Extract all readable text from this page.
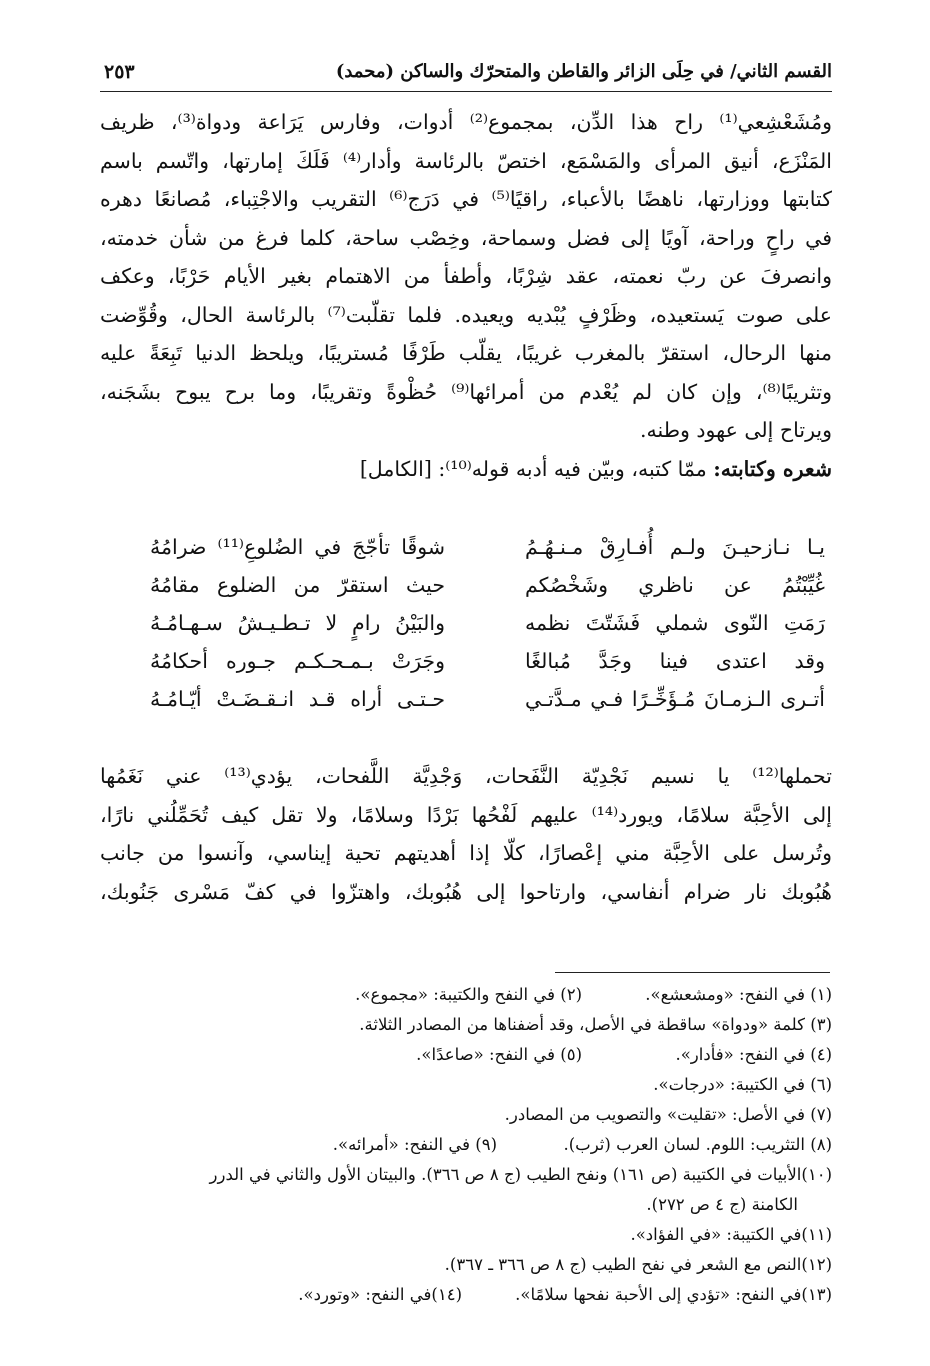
القسم الثاني/ في حِلَى الزائر والقاطن والمتحرّك والساكن (محمد)
٢٥٣
ومُشَعْشِعي⁽¹⁾ راح هذا الدِّن، بمجموع⁽²⁾ أدوات، وفارس يَرَاعة ودواة⁽³⁾، ظريف
المَنْزَع، أنيق المرأى والمَسْمَع، اختصّ بالرئاسة وأدار⁽⁴⁾ فَلَكَ إمارتها، واتّسم باسم
كتابتها ووزارتها، ناهضًا بالأعباء، راقيًا⁽⁵⁾ في دَرَج⁽⁶⁾ التقريب والاجْتِباء، مُصانعًا دهره
في راحٍ وراحة، آويًا إلى فضل وسماحة، وخِصْب ساحة، كلما فرغ من شأن خدمته،
وانصرفَ عن ربّ نعمته، عقد شِرْبًا، وأطفأ من الاهتمام بغير الأيام حَرْبًا، وعكف
على صوت يَستعيده، وظَرْفٍ يُبْديه ويعيده. فلما تقلّبت⁽⁷⁾ بالرئاسة الحال، وقُوِّضت
منها الرحال، استقرّ بالمغرب غريبًا، يقلّب طَرْفًا مُستريبًا، ويلحظ الدنيا تَبِعَةً عليه
وتثريبًا⁽⁸⁾، وإن كان لم يُعْدم من أمرائها⁽⁹⁾ حُظْوةً وتقريبًا، وما برح يبوح بشَجَنه،
ويرتاح إلى عهود وطنه.
شعره وكتابته: ممّا كتبه، وبيّن فيه أدبه قوله⁽¹⁰⁾: [الكامل]
يـا نـازحيـنَ ولـم أُفـارِقْ مـنـهُـمُ
شوقًا تأجّجَ في الضُلوعِ⁽¹¹⁾ ضرامُهُ
غُيِّبْتُمُ عن ناظري وشَخْصُكم
حيث استقرّ من الضلوع مقامُهُ
رَمَتِ النّوى شملي فَشَتّتَ نظمه
والبَيْنُ رامٍ لا تـطـيـشُ سـهـامُـهُ
وقد اعتدى فينا وجَدَّ مُبالغًا
وجَرَتْ بـمـحـكـم جـوره أحكامُهُ
أتـرى الـزمـانَ مُـؤَخِّـرًا فـي مـدَّتـي
حـتـى أراه قـد انـقـضَـتْ أيّـامُـهُ
تحملها⁽¹²⁾ يا نسيم نَجْدِيّة النَّفَحات، وَجْدِيَّة اللَّفحات، يؤدي⁽¹³⁾ عني نَغَمُها
إلى الأحِبَّة سلامًا، ويورد⁽¹⁴⁾ عليهم لَفْحُها بَرْدًا وسلامًا، ولا تقل كيف تُحَمِّلُني نارًا،
وتُرسل على الأحِبَّة مني إعْصارًا، كلّا إذا أهديتهم تحية إيناسي، وآنسوا من جانب
هُبُوبك نار ضرام أنفاسي، وارتاحوا إلى هُبُوبك، واهتزّوا في كفّ مَسْرى جَنُوبك،
(١) في النفح: «ومشعشع».(٢) في النفح والكتيبة: «مجموع».
(٣) كلمة «ودواة» ساقطة في الأصل، وقد أضفناها من المصادر الثلاثة.
(٤) في النفح: «فأدار».(٥) في النفح: «صاعدًا».
(٦) في الكتيبة: «درجات».
(٧) في الأصل: «تقليت» والتصويب من المصادر.
(٨) التثريب: اللوم. لسان العرب (ثرب).(٩) في النفح: «أمرائه».
(١٠)الأبيات في الكتيبة (ص ١٦١) ونفح الطيب (ج ٨ ص ٣٦٦). والبيتان الأول والثاني في الدرر
الكامنة (ج ٤ ص ٢٧٢).
(١١)في الكتيبة: «في الفؤاد».
(١٢)النص مع الشعر في نفح الطيب (ج ٨ ص ٣٦٦ ـ ٣٦٧).
(١٣)في النفح: «تؤدي إلى الأحبة نفحها سلامًا».(١٤)في النفح: «وتورد».
